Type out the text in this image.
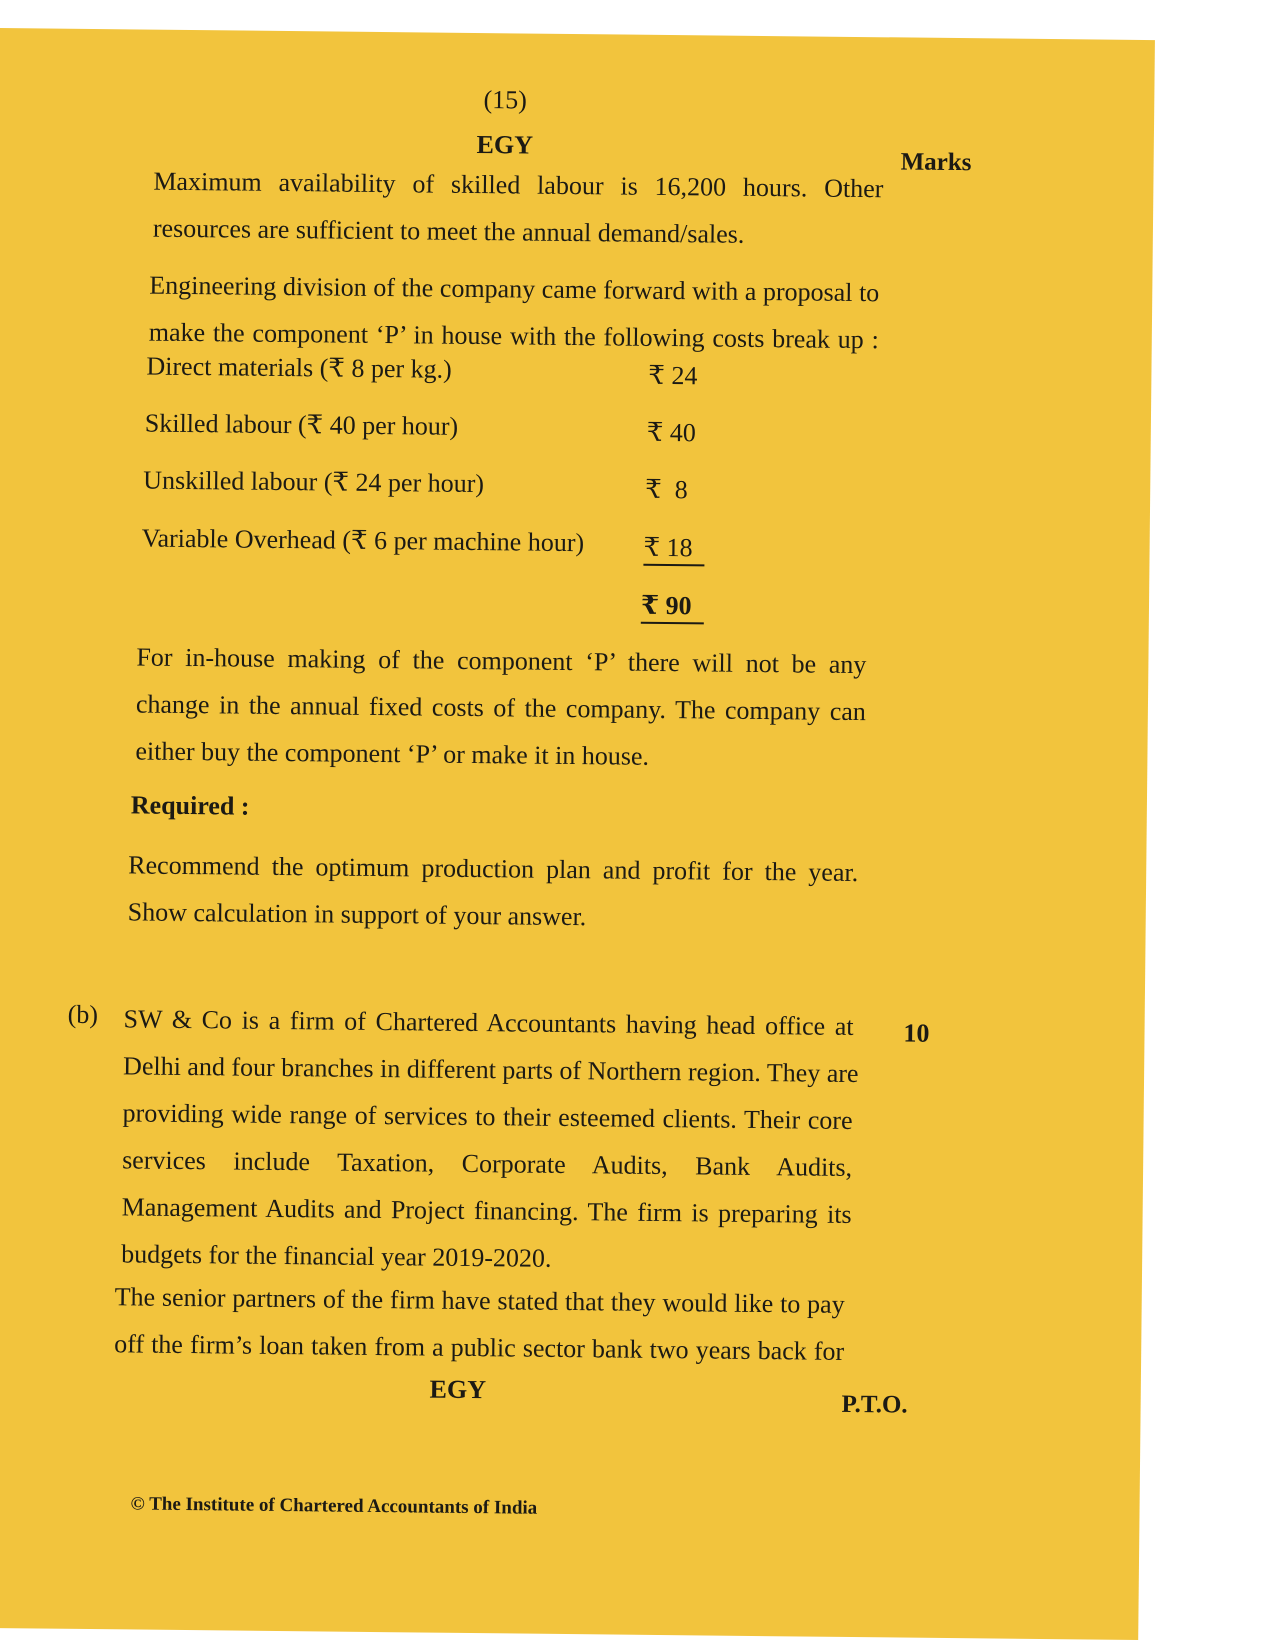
(15)
EGY
Marks
Maximum availability of skilled labour is 16,200 hours. Other
resources are sufficient to meet the annual demand/sales.
Engineering division of the company came forward with a proposal to
make the component ‘P’ in house with the following costs break up :
Direct materials (₹ 8 per kg.)	₹ 24
Skilled labour (₹ 40 per hour)	₹ 40
Unskilled labour (₹ 24 per hour)	₹  8
Variable Overhead (₹ 6 per machine hour) ₹ 18
₹ 90
For in-house making of the component ‘P’ there will not be any
change in the annual fixed costs of the company. The company can
either buy the component ‘P’ or make it in house.
Required :
Recommend the optimum production plan and profit for the year.
Show calculation in support of your answer.
(b)
10
SW & Co is a firm of Chartered Accountants having head office at
Delhi and four branches in different parts of Northern region. They are
providing wide range of services to their esteemed clients. Their core
services include Taxation, Corporate Audits, Bank Audits,
Management Audits and Project financing. The firm is preparing its
budgets for the financial year 2019-2020.
The senior partners of the firm have stated that they would like to pay
off the firm’s loan taken from a public sector bank two years back for
EGY
P.T.O.
© The Institute of Chartered Accountants of India
